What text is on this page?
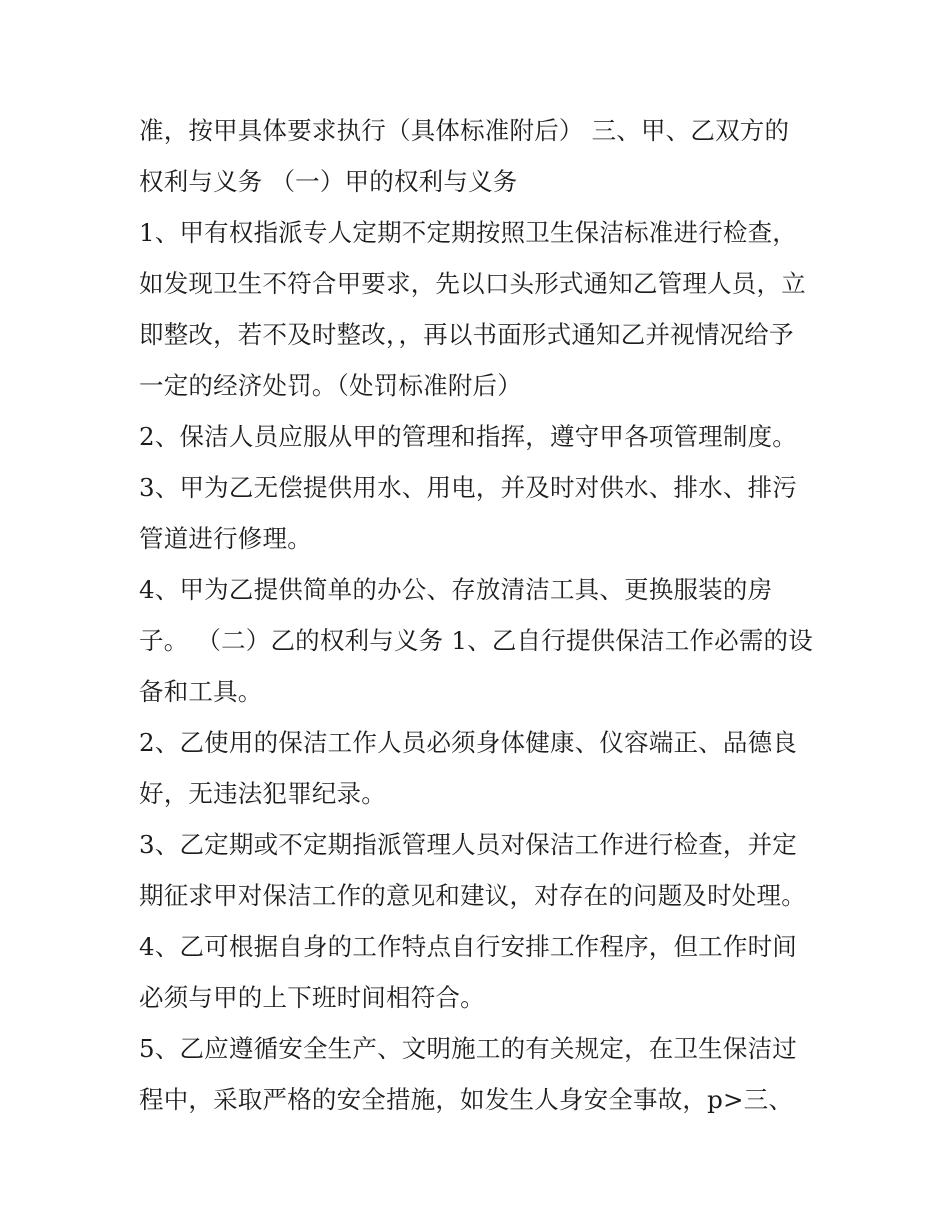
准，按甲具体要求执行（具体标准附后） 三、甲、乙双方的
权利与义务 （一）甲的权利与义务
1、甲有权指派专人定期不定期按照卫生保洁标准进行检查，
如发现卫生不符合甲要求，先以口头形式通知乙管理人员，立
即整改，若不及时整改，，再以书面形式通知乙并视情况给予
一定的经济处罚。（处罚标准附后）
2、保洁人员应服从甲的管理和指挥，遵守甲各项管理制度。
3、甲为乙无偿提供用水、用电，并及时对供水、排水、排污
管道进行修理。
4、甲为乙提供简单的办公、存放清洁工具、更换服装的房
子。 （二）乙的权利与义务 1、乙自行提供保洁工作必需的设
备和工具。
2、乙使用的保洁工作人员必须身体健康、仪容端正、品德良
好，无违法犯罪纪录。
3、乙定期或不定期指派管理人员对保洁工作进行检查，并定
期征求甲对保洁工作的意见和建议，对存在的问题及时处理。
4、乙可根据自身的工作特点自行安排工作程序，但工作时间
必须与甲的上下班时间相符合。
5、乙应遵循安全生产、文明施工的有关规定，在卫生保洁过
程中，采取严格的安全措施，如发生人身安全事故，p>三、
